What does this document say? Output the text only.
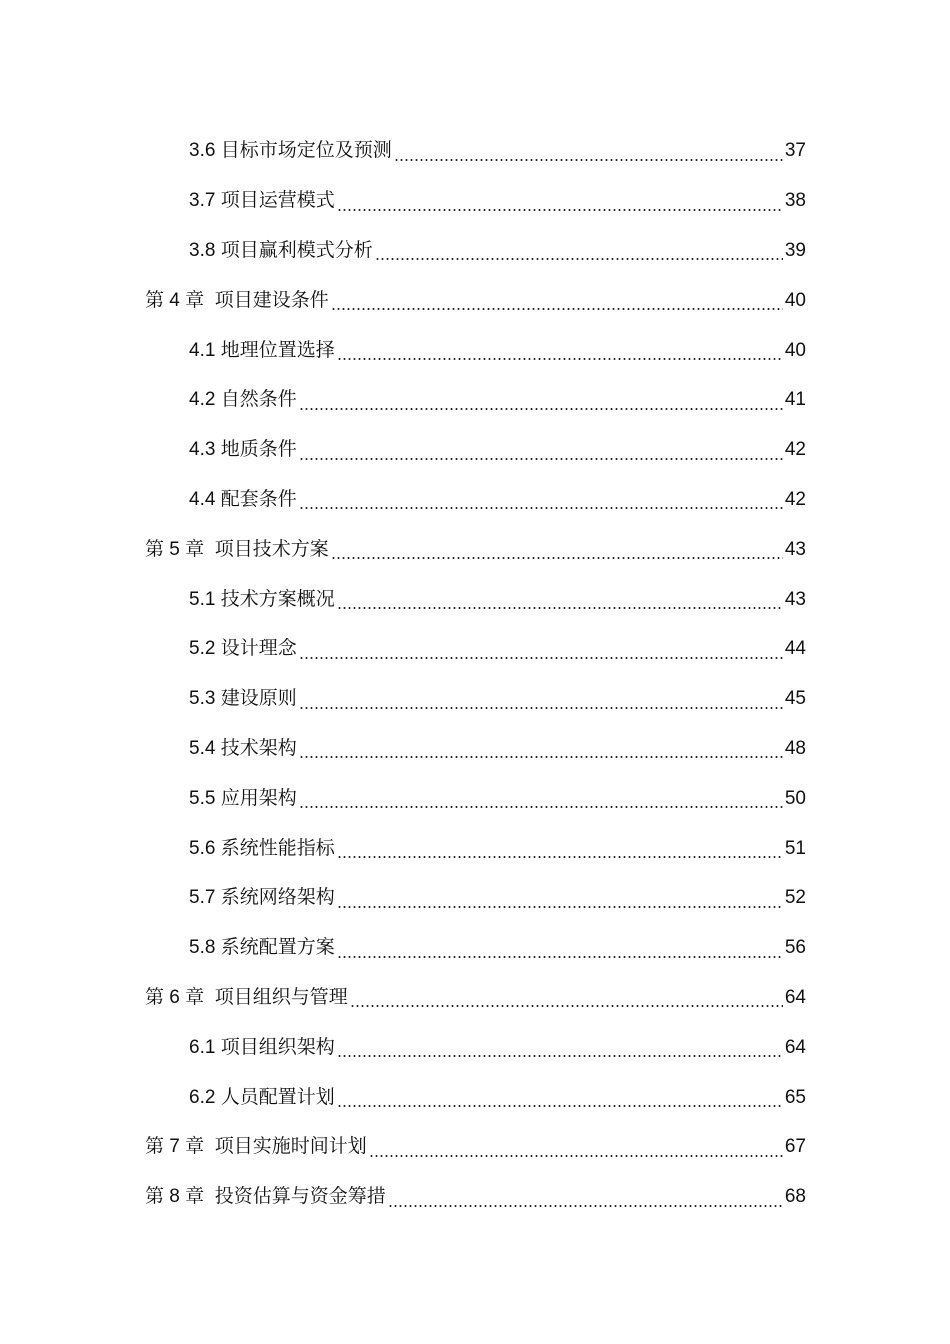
3.6 目标市场定位及预测	37
3.7 项目运营模式	38
3.8 项目赢利模式分析	39
第 4 章 项目建设条件	40
4.1 地理位置选择	40
4.2 自然条件	41
4.3 地质条件	42
4.4 配套条件	42
第 5 章 项目技术方案	43
5.1 技术方案概况	43
5.2 设计理念	44
5.3 建设原则	45
5.4 技术架构	48
5.5 应用架构	50
5.6 系统性能指标	51
5.7 系统网络架构	52
5.8 系统配置方案	56
第 6 章 项目组织与管理	64
6.1 项目组织架构	64
6.2 人员配置计划	65
第 7 章 项目实施时间计划	67
第 8 章 投资估算与资金筹措	68
